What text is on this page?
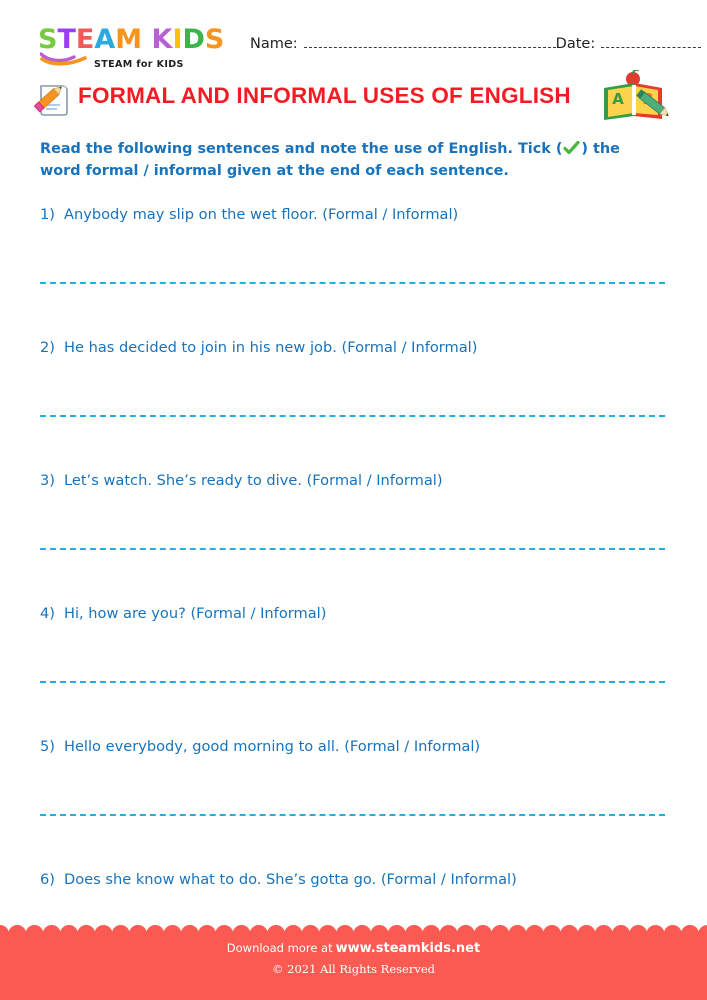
STEAM KIDS
STEAM for KIDS
Name:	Date:
FORMAL AND INFORMAL USES OF ENGLISH	A
Read the following sentences and note the use of English. Tick ( ) the word formal / informal given at the end of each sentence.
1) Anybody may slip on the wet floor. (Formal / Informal)
2) He has decided to join in his new job. (Formal / Informal)
3) Let’s watch. She’s ready to dive. (Formal / Informal)
4) Hi, how are you? (Formal / Informal)
5) Hello everybody, good morning to all. (Formal / Informal)
6) Does she know what to do. She’s gotta go. (Formal / Informal)
Download more at www.steamkids.net
© 2021 All Rights Reserved
